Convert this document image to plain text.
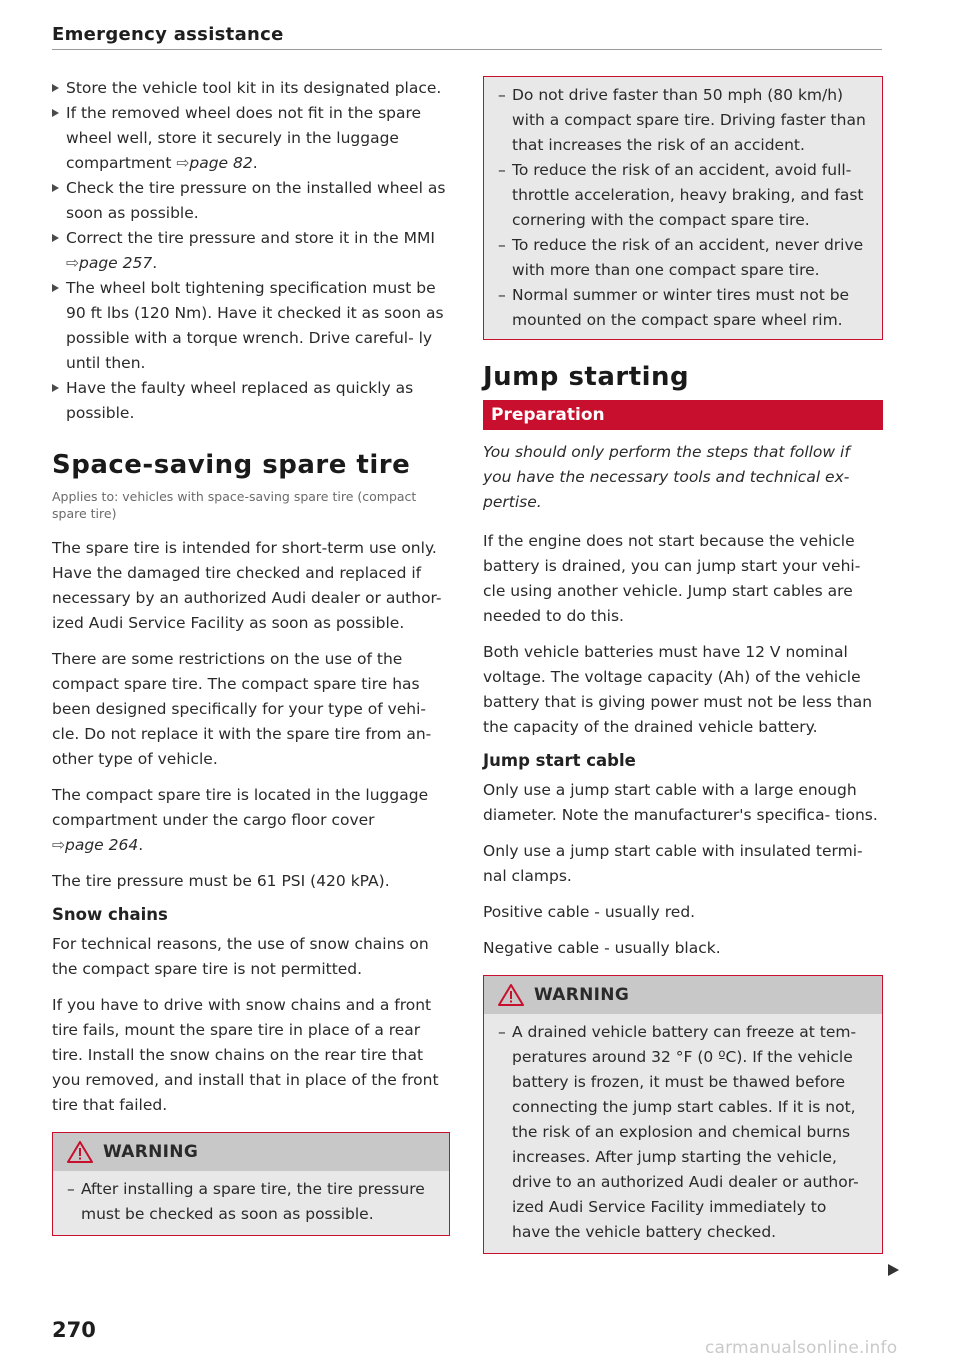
Emergency assistance
Store the vehicle tool kit in its designated place.
If the removed wheel does not fit in the spare wheel well, store it securely in the luggage compartment ⇨page 82.
Check the tire pressure on the installed wheel as soon as possible.
Correct the tire pressure and store it in the MMI ⇨page 257.
The wheel bolt tightening specification must be 90 ft lbs (120 Nm). Have it checked it as soon as possible with a torque wrench. Drive careful- ly until then.
Have the faulty wheel replaced as quickly as possible.
Space-saving spare tire
Applies to: vehicles with space-saving spare tire (compact spare tire)

The spare tire is intended for short-term use only. Have the damaged tire checked and replaced if necessary by an authorized Audi dealer or author- ized Audi Service Facility as soon as possible.

There are some restrictions on the use of the compact spare tire. The compact spare tire has been designed specifically for your type of vehi- cle. Do not replace it with the spare tire from an- other type of vehicle.

The compact spare tire is located in the luggage compartment under the cargo floor cover
⇨page 264.

The tire pressure must be 61 PSI (420 kPA).

Snow chains

For technical reasons, the use of snow chains on the compact spare tire is not permitted.

If you have to drive with snow chains and a front tire fails, mount the spare tire in place of a rear tire. Install the snow chains on the rear tire that you removed, and install that in place of the front tire that failed.

WARNING
– After installing a spare tire, the tire pressure must be checked as soon as possible.
– Do not drive faster than 50 mph (80 km/h) with a compact spare tire. Driving faster than that increases the risk of an accident.
– To reduce the risk of an accident, avoid full- throttle acceleration, heavy braking, and fast cornering with the compact spare tire.
– To reduce the risk of an accident, never drive with more than one compact spare tire.
– Normal summer or winter tires must not be mounted on the compact spare wheel rim.
Jump starting
Preparation

You should only perform the steps that follow if you have the necessary tools and technical ex- pertise.

If the engine does not start because the vehicle battery is drained, you can jump start your vehi- cle using another vehicle. Jump start cables are needed to do this.

Both vehicle batteries must have 12 V nominal voltage. The voltage capacity (Ah) of the vehicle battery that is giving power must not be less than the capacity of the drained vehicle battery.

Jump start cable

Only use a jump start cable with a large enough diameter. Note the manufacturer's specifica- tions.

Only use a jump start cable with insulated termi- nal clamps.

Positive cable - usually red.

Negative cable - usually black.

WARNING
– A drained vehicle battery can freeze at tem- peratures around 32 °F (0 ºC). If the vehicle battery is frozen, it must be thawed before connecting the jump start cables. If it is not, the risk of an explosion and chemical burns increases. After jump starting the vehicle, drive to an authorized Audi dealer or author- ized Audi Service Facility immediately to have the vehicle battery checked.
270
carmanualsonline.info
